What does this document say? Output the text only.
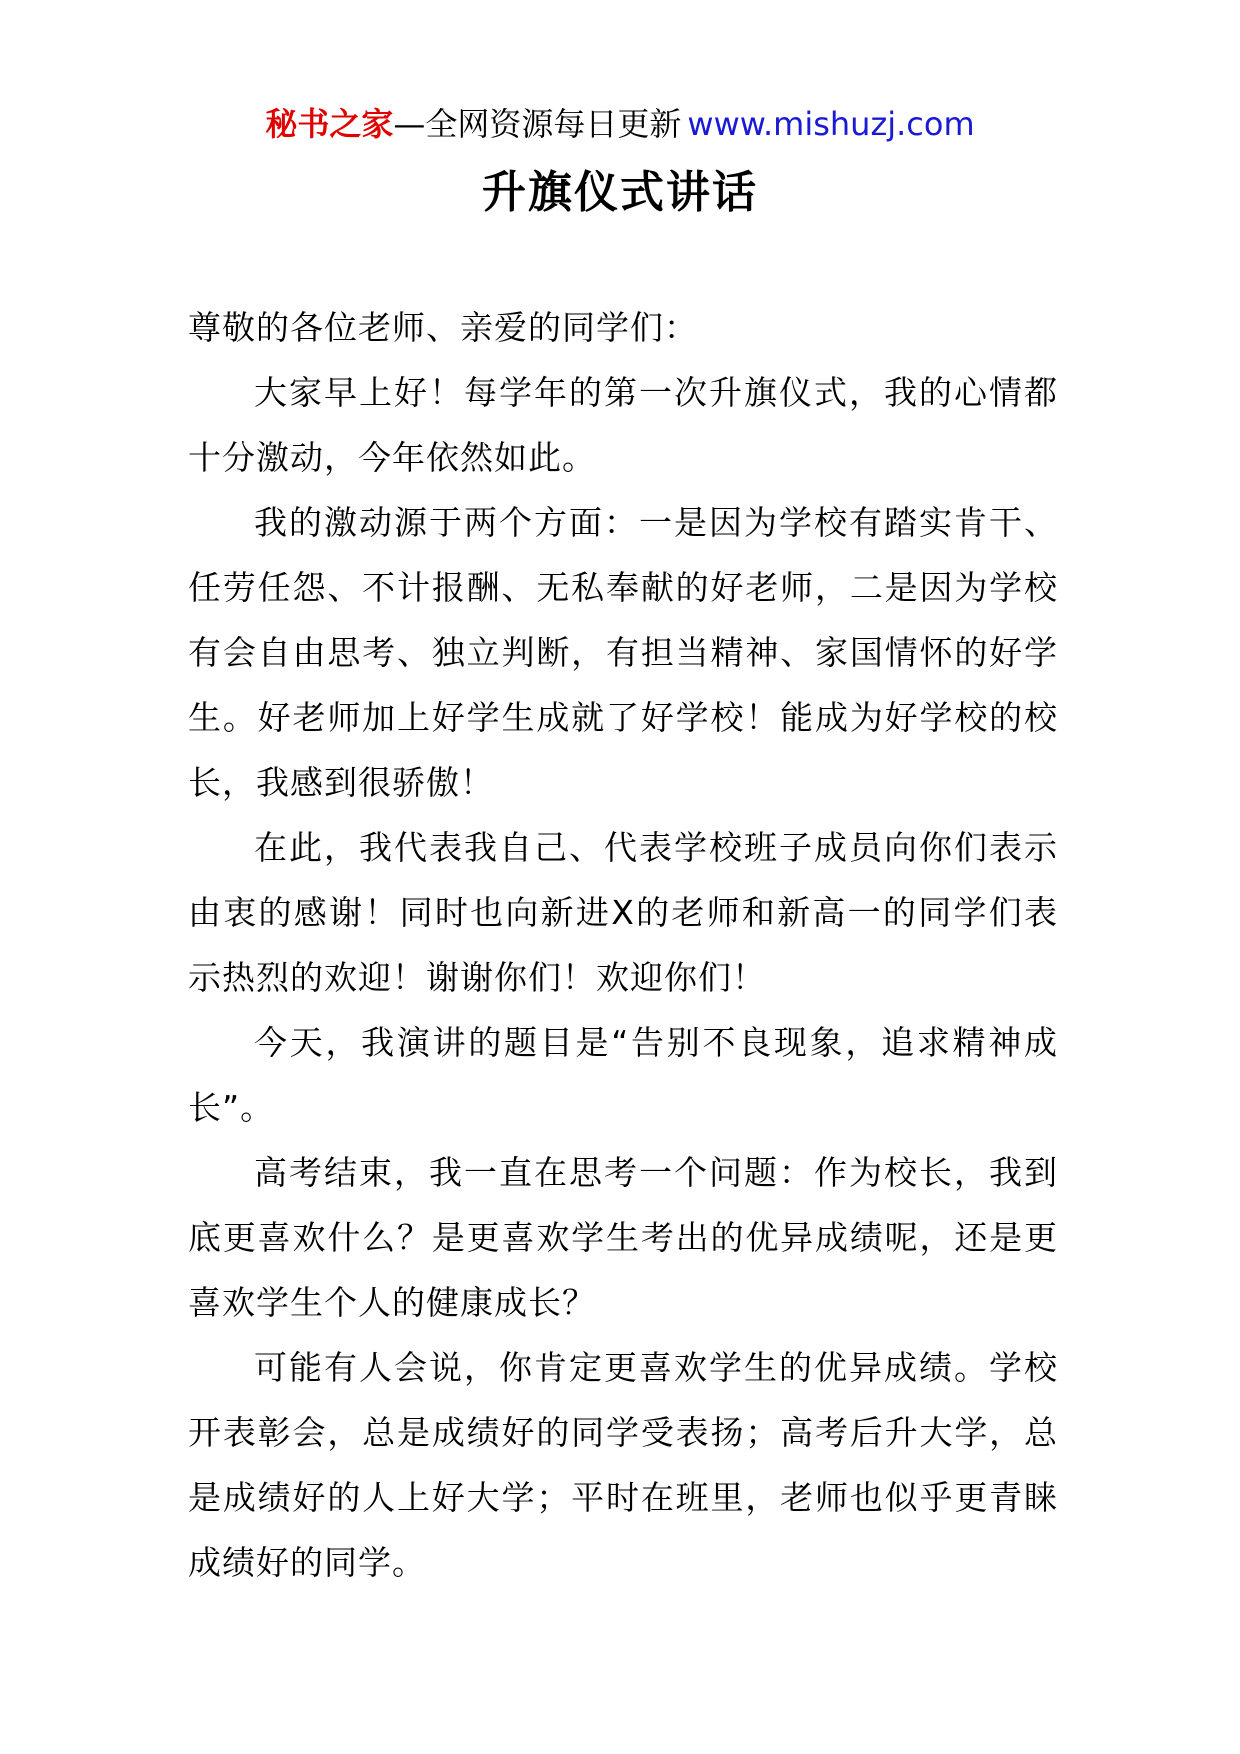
秘书之家—全网资源每日更新 www.mishuzj.com
升旗仪式讲话

尊敬的各位老师、亲爱的同学们：

大家早上好！每学年的第一次升旗仪式，我的心情都十分激动，今年依然如此。

我的激动源于两个方面：一是因为学校有踏实肯干、任劳任怨、不计报酬、无私奉献的好老师，二是因为学校有会自由思考、独立判断，有担当精神、家国情怀的好学生。好老师加上好学生成就了好学校！能成为好学校的校长，我感到很骄傲！

在此，我代表我自己、代表学校班子成员向你们表示由衷的感谢！同时也向新进X的老师和新高一的同学们表示热烈的欢迎！谢谢你们！欢迎你们！

今天，我演讲的题目是“告别不良现象，追求精神成长”。

高考结束，我一直在思考一个问题：作为校长，我到底更喜欢什么？是更喜欢学生考出的优异成绩呢，还是更喜欢学生个人的健康成长？

可能有人会说，你肯定更喜欢学生的优异成绩。学校开表彰会，总是成绩好的同学受表扬；高考后升大学，总是成绩好的人上好大学；平时在班里，老师也似乎更青睐成绩好的同学。
